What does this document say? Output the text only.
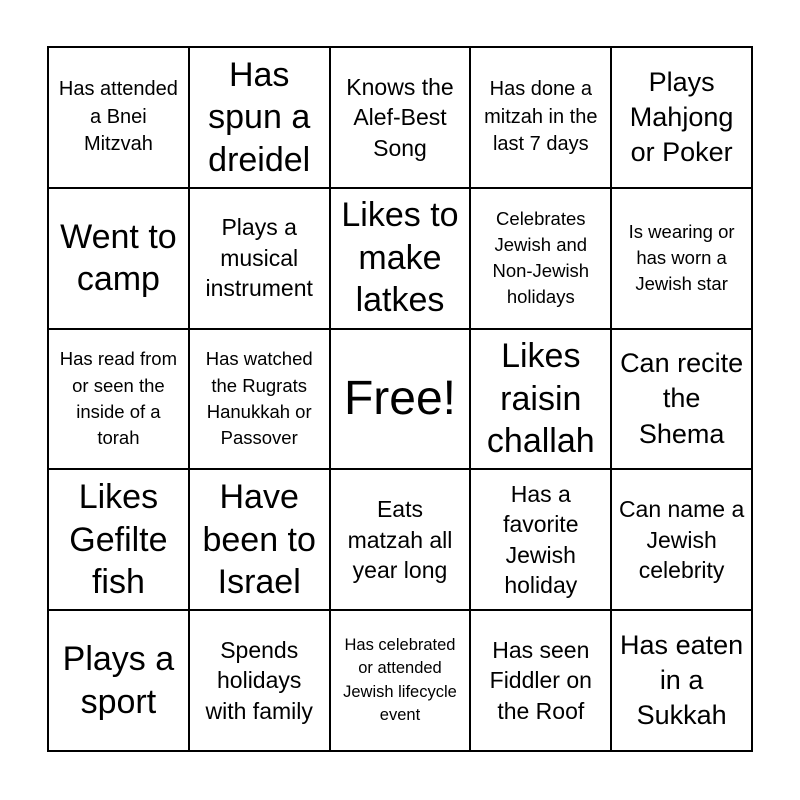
Has attended a Bnei Mitzvah
Has spun a dreidel
Knows the Alef-Best Song
Has done a mitzah in the last 7 days
Plays Mahjong or Poker
Went to camp
Plays a musical instrument
Likes to make latkes
Celebrates Jewish and Non-Jewish holidays
Is wearing or has worn a Jewish star
Has read from or seen the inside of a torah
Has watched the Rugrats Hanukkah or Passover
Free!
Likes raisin challah
Can recite the Shema
Likes Gefilte fish
Have been to Israel
Eats matzah all year long
Has a favorite Jewish holiday
Can name a Jewish celebrity
Plays a sport
Spends holidays with family
Has celebrated or attended Jewish lifecycle event
Has seen Fiddler on the Roof
Has eaten in a Sukkah
